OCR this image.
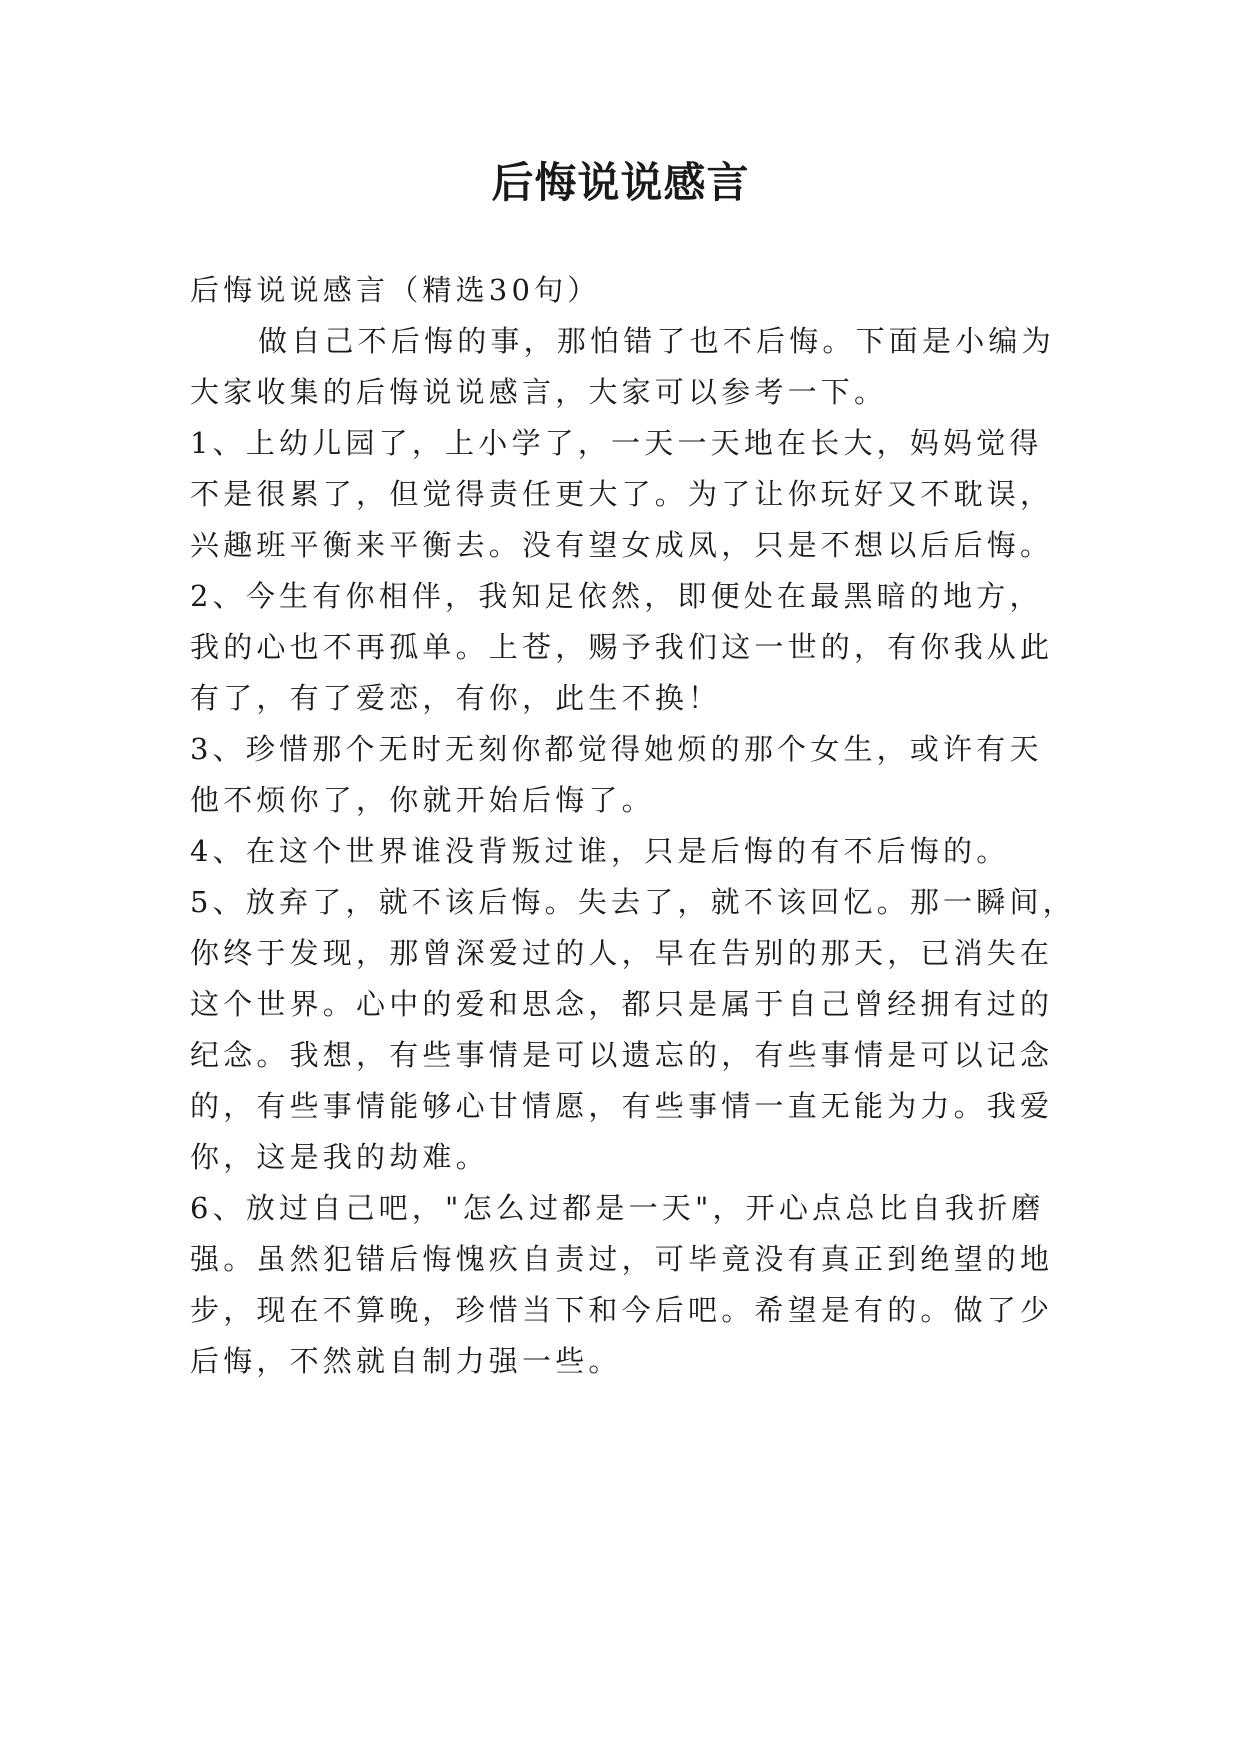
后悔说说感言
后悔说说感言（精选30句）
做自己不后悔的事，那怕错了也不后悔。下面是小编为
大家收集的后悔说说感言，大家可以参考一下。
1、上幼儿园了，上小学了，一天一天地在长大，妈妈觉得
不是很累了，但觉得责任更大了。为了让你玩好又不耽误，
兴趣班平衡来平衡去。没有望女成凤，只是不想以后后悔。
2、今生有你相伴，我知足依然，即便处在最黑暗的地方，
我的心也不再孤单。上苍，赐予我们这一世的，有你我从此
有了，有了爱恋，有你，此生不换！
3、珍惜那个无时无刻你都觉得她烦的那个女生，或许有天
他不烦你了，你就开始后悔了。
4、在这个世界谁没背叛过谁，只是后悔的有不后悔的。
5、放弃了，就不该后悔。失去了，就不该回忆。那一瞬间，
你终于发现，那曾深爱过的人，早在告别的那天，已消失在
这个世界。心中的爱和思念，都只是属于自己曾经拥有过的
纪念。我想，有些事情是可以遗忘的，有些事情是可以记念
的，有些事情能够心甘情愿，有些事情一直无能为力。我爱
你，这是我的劫难。
6、放过自己吧，"怎么过都是一天"，开心点总比自我折磨
强。虽然犯错后悔愧疚自责过，可毕竟没有真正到绝望的地
步，现在不算晚，珍惜当下和今后吧。希望是有的。做了少
后悔，不然就自制力强一些。
